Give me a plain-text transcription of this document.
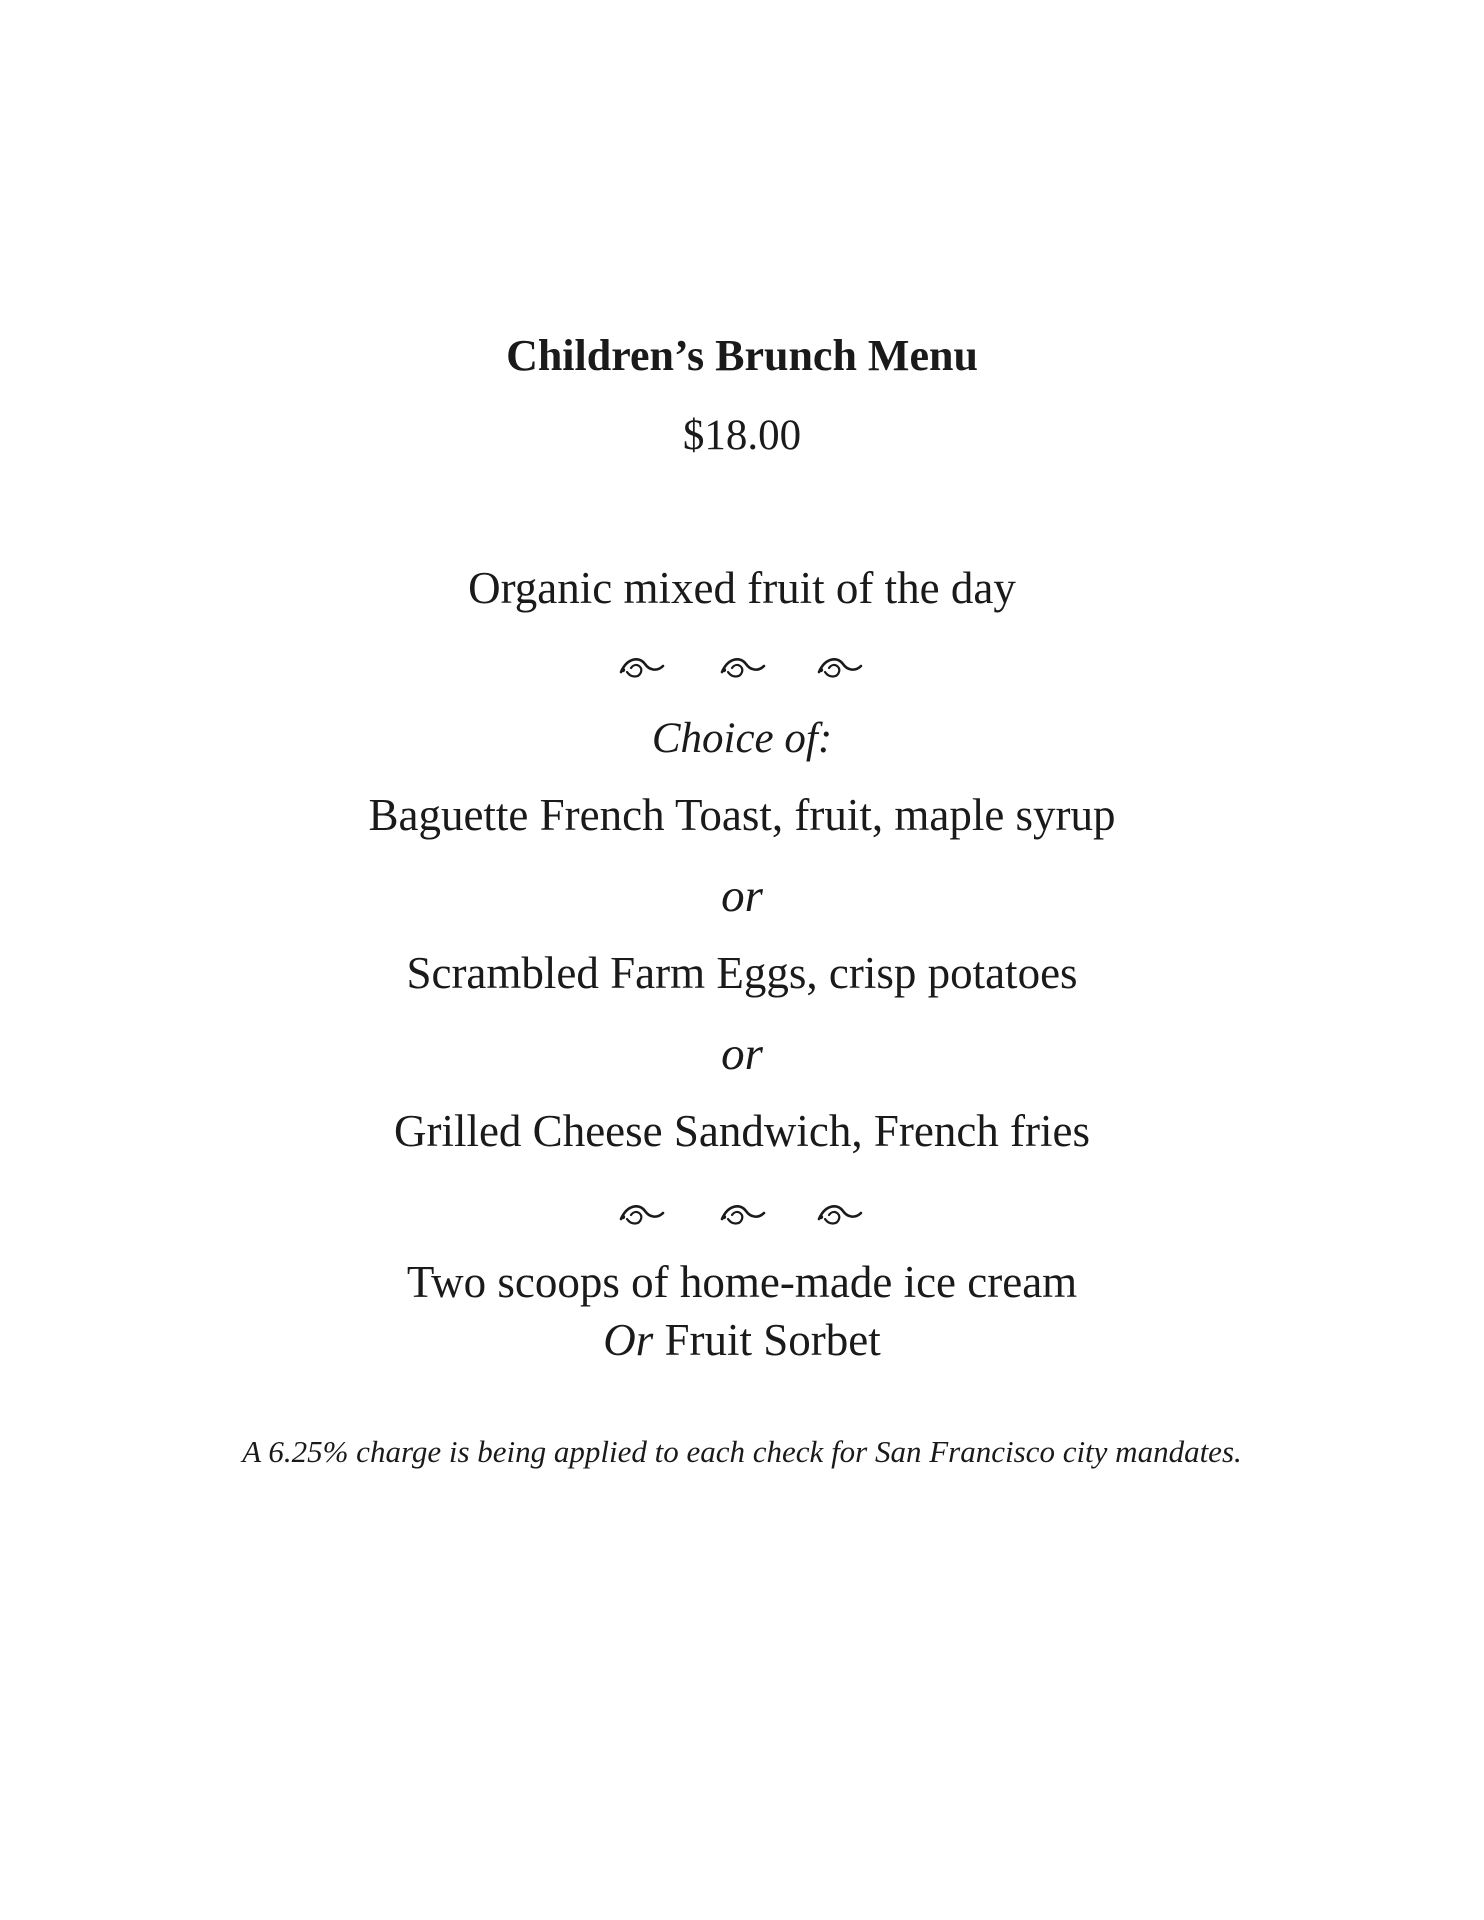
Children’s Brunch Menu
$18.00
Organic mixed fruit of the day
Choice of:
Baguette French Toast, fruit, maple syrup
or
Scrambled Farm Eggs, crisp potatoes
or
Grilled Cheese Sandwich, French fries
Two scoops of home-made ice cream
Or Fruit Sorbet
A 6.25% charge is being applied to each check for San Francisco city mandates.
